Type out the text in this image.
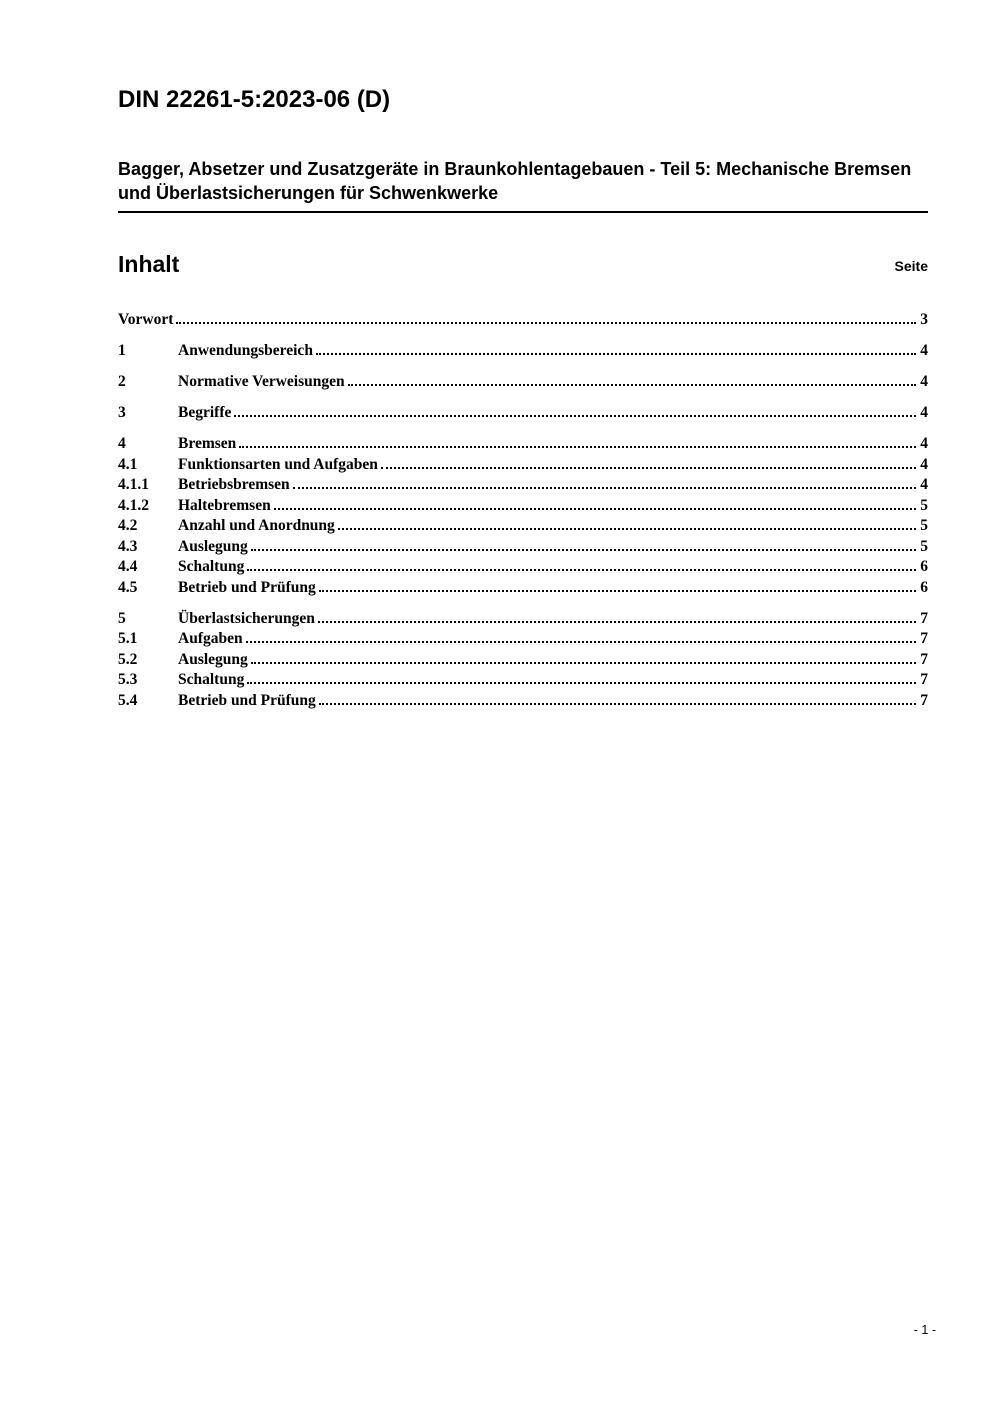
DIN 22261-5:2023-06 (D)
Bagger, Absetzer und Zusatzgeräte in Braunkohlentagebauen - Teil 5: Mechanische Bremsen und Überlastsicherungen für Schwenkwerke
Inhalt	Seite
Vorwort	3
1	Anwendungsbereich	4
2	Normative Verweisungen	4
3	Begriffe	4
4	Bremsen	4
4.1	Funktionsarten und Aufgaben	4
4.1.1	Betriebsbremsen	4
4.1.2	Haltebremsen	5
4.2	Anzahl und Anordnung	5
4.3	Auslegung	5
4.4	Schaltung	6
4.5	Betrieb und Prüfung	6
5	Überlastsicherungen	7
5.1	Aufgaben	7
5.2	Auslegung	7
5.3	Schaltung	7
5.4	Betrieb und Prüfung	7
- 1 -
